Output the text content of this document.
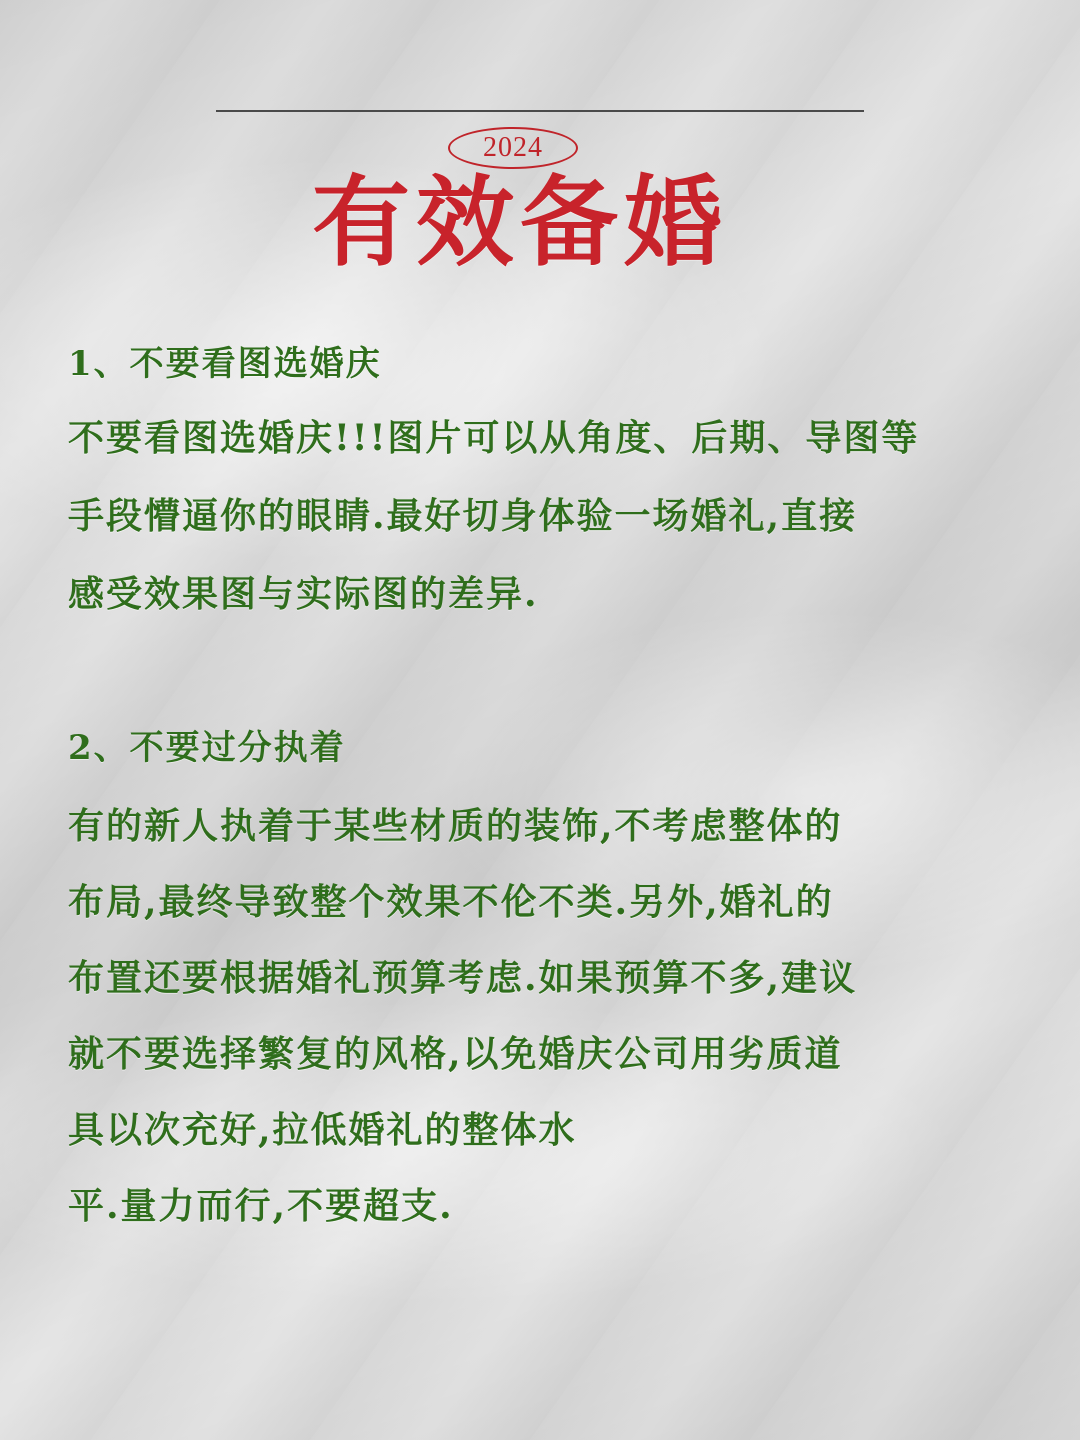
2024
有效备婚
1、不要看图选婚庆
不要看图选婚庆!!!图片可以从角度、后期、导图等
手段懵逼你的眼睛.最好切身体验一场婚礼,直接
感受效果图与实际图的差异.
2、不要过分执着
有的新人执着于某些材质的装饰,不考虑整体的
布局,最终导致整个效果不伦不类.另外,婚礼的
布置还要根据婚礼预算考虑.如果预算不多,建议
就不要选择繁复的风格,以免婚庆公司用劣质道
具以次充好,拉低婚礼的整体水
平.量力而行,不要超支.
